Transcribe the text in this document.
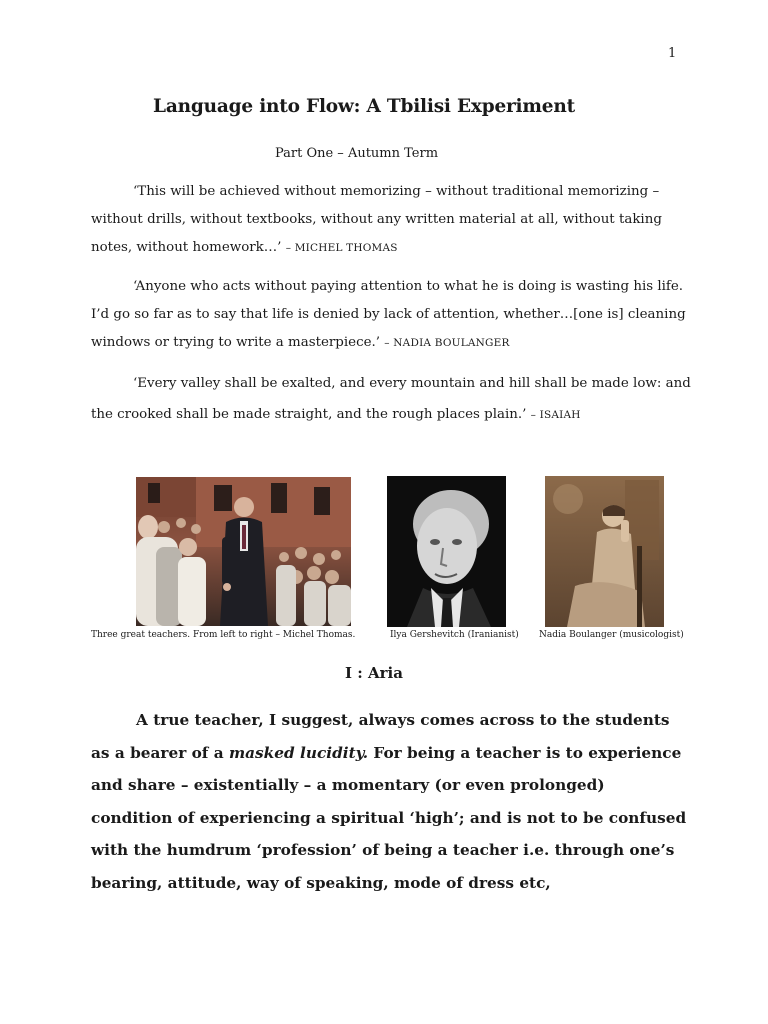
1
Language into Flow: A Tbilisi Experiment
Part One – Autumn Term
‘This will be achieved without memorizing – without traditional memorizing – without drills, without textbooks, without any written material at all, without taking notes, without homework…’ – MICHEL THOMAS
‘Anyone who acts without paying attention to what he is doing is wasting his life. I’d go so far as to say that life is denied by lack of attention, whether…[one is] cleaning windows or trying to write a masterpiece.’ – NADIA BOULANGER
‘Every valley shall be exalted, and every mountain and hill shall be made low: and the crooked shall be made straight, and the rough places plain.’ – ISAIAH
Three great teachers. From left to right – Michel Thomas.	Ilya Gershevitch (Iranianist) Nadia Boulanger (musicologist)
I : Aria
A true teacher, I suggest, always comes across to the students as a bearer of a masked lucidity. For being a teacher is to experience and share – existentially – a momentary (or even prolonged) condition of experiencing a spiritual ‘high’; and is not to be confused with the humdrum ‘profession’ of being a teacher i.e. through one’s bearing, attitude, way of speaking, mode of dress etc,
